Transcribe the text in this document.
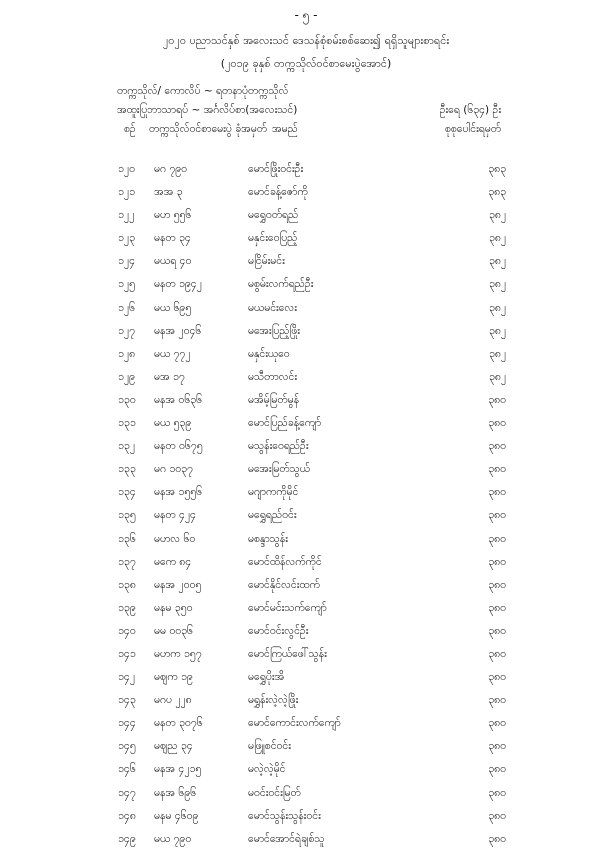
- ၅ -
၂၀၂၀ ပညာသင်နှစ် အလေးသင် ဒေသန်စုံစမ်းစစ်ဆေး၍ ရရှိသူများစာရင်း
(၂၀၁၉ ခုနှစ် တက္ကသိုလ်ဝင်စာမေးပွဲအောင်)
တက္ကသိုလ်/ ကောလိပ် ~ ရတနာပုံတက္ကသိုလ်
အထူးပြုဘာသာရပ် ~ အင်္ဂလိပ်စာ(အလေးသင်)	ဦးရေ (၆၃၄) ဦး
စဉ် တက္ကသိုလ်ဝင်စာမေးပွဲ ခုံအမှတ် အမည်	စုစုပေါင်းရမှတ်
၁၂၀	မဂ ၇၉၀	မောင်ဖြိုးဝင်းဦး	၃၈၃
၁၂၁	အအ ၃	မောင်ခန့်ဇော်ကို	၃၈၃
၁၂၂	မဟ ၅၅၆	မရွှေဝတ်ရည်	၃၈၂
၁၂၃	မနတ ၃၄	မနှင်းဝေပြည့်	၃၈၂
၁၂၄	မယရ ၄၀	မငြိမ်းမင်း	၃၈၂
၁၂၅	မနတ ၁၉၄၂	မစွမ်းလက်ရည်ဦး	၃၈၂
၁၂၆	မယ ၆၉၅	မယမင်းလေး	၃၈၂
၁၂၇	မနအ ၂၀၄၆	မအေးပြည့်ဖြိုး	၃၈၂
၁၂၈	မယ ၇၇၂	မနှင်းယုဝေ	၃၈၂
၁၂၉	မအ ၁၇	မသီတာလင်း	၃၈၂
၁၃၀	မနအ ၀၆၃၆	မအိမ့်မြတ်မွန်	၃၈၀
၁၃၁	မယ ၅၃၉	မောင်ပြည်ခန့်ကျော်	၃၈၀
၁၃၂	မနတ ၀၆၇၅	မသွန်းဝေရည်ဦး	၃၈၀
၁၃၃	မဂ ၁၀၃၇	မအေးမြတ်သွယ်	၃၈၀
၁၃၄	မနအ ၁၅၅၆	မဂျာကကိုမိုင်	၃၈၀
၁၃၅	မနတ ၄၂၄	မရွှေရည်ဝင်း	၃၈၀
၁၃၆	မဟလ ၆၀	မစန္ဒာသွန်း	၃၈၀
၁၃၇	မကေ ၈၄	မောင်ထိန်လက်ကိုင်	၃၈၀
၁၃၈	မနအ ၂၀၀၅	မောင်နိုင်လင်းထက်	၃၈၀
၁၃၉	မနမ ၃၅၀	မောင်မင်းသက်ကျော်	၃၈၀
၁၄၀	မမ ၀၀၃၆	မောင်ဝင်းလွင်ဦး	၃၈၀
၁၄၁	မဟက ၁၅၇	မောင်ကြယ်ဖေါ်သွန်း	၃၈၀
၁၄၂	မဈက ၁၉	မရွှေပိုးအိ	၃၈၀
၁၄၃	မဂပ ၂၂၈	မရွှန်းလဲ့လဲ့ဖြိုး	၃၈၀
၁၄၄	မနတ ၃၀၇၆	မောင်ကောင်းလက်ကျော်	၃၈၀
၁၄၅	မဈည ၃၄	မဖြူစင်ဝင်း	၃၈၀
၁၄၆	မနအ ၄၂၁၅	မလဲ့လဲ့မိုင်	၃၈၀
၁၄၇	မနအ ၆၉၆	မဝင်းဝင်းမြတ်	၃၈၀
၁၄၈	မနမ ၄၆၀၉	မောင်သွန်းသွန်းဝင်း	၃၈၀
၁၄၉	မယ ၇၉၀	မောင်အောင်ရဲချစ်သူ	၃၈၀
